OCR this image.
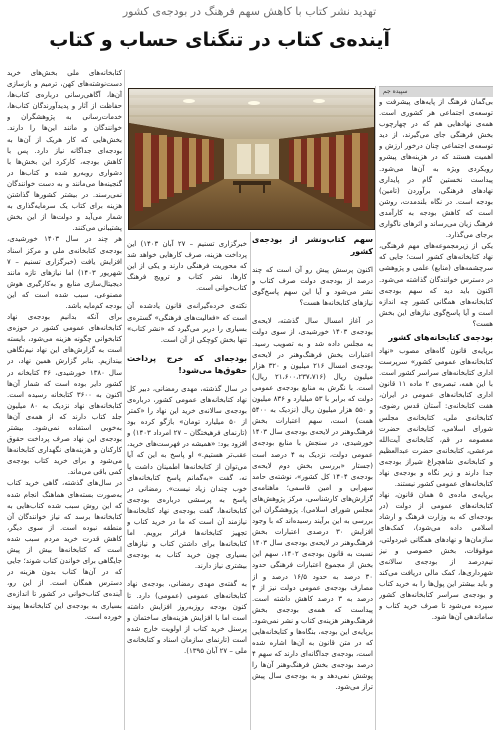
تهدید نشر کتاب با کاهش سهم فرهنگ در بودجه‌ی کشور
آینده‌ی کتاب در تنگنای حساب و کتاب
سپیده جم

بی‌گمان فرهنگ از پایه‌های پیشرفت و توسعه‌ی اجتماعی هر کشوری است. همه‌ی نهادهایی هم که در چهارچوب بخش فرهنگی جای می‌گیرند، از دید توسعه‌ی اجتماعی چنان درخور ارزش و اهمیت هستند که در هزینه‌های پیشرو رویکردی ویژه به آن‌ها می‌شود. پیداست نخستین گام در پایداری نهادهای فرهنگی، برآوردن (تامین) بودجه است. در نگاه بلندمدت، روشن است که کاهش بودجه به کارآمدی فرهنگ زیان می‌رساند و اثرهای ناگواری برجای می‌گذارد.

یکی از زیرمجموعه‌های مهم فرهنگی، نهاد کتابخانه‌های کشور است؛ جایی که سرچشمه‌های (منابع) علمی و پژوهشی در دسترس خوانندگان گذاشته می‌شود. اکنون باید دید که سهم بودجه‌ی کتابخانه‌های همگانی کشور چه اندازه است و آیا پاسخ‌گوی نیازهای این بخش هست؟

بودجه‌ی کتابخانه‌های کشور

برپایه‌ی قانون گاه‌های مصوب «نهاد کتابخانه‌های عمومی کشور» سرپرست اداری کتابخانه‌های سراسر کشور است. با این همه، تبصره‌ی ۲ ماده ۱۱ قانون اداری کتابخانه‌های عمومی در ایران، هفت کتابخانه‌ی: آستان قدس رضوی، کتابخانه‌ی ملی، کتابخانه‌ی مجلس شورای اسلامی، کتابخانه‌ی حضرت معصومه در قم، کتابخانه‌ی آیت‌الله مرعشی، کتابخانه‌ی حضرت عبدالعظیم و کتابخانه‌ی شاهچراغ شیراز بودجه‌ی جدا دارند و زیر نگاه و بودجه‌ی نهاد کتابخانه‌های عمومی کشور نیستند.

برپایه‌ی ماده‌ی ۵ همان قانون، نهاد کتابخانه‌های عمومی از دولت (در بودجه‌ای که به وزارت فرهنگ و ارشاد اسلامی داده می‌شود)، کمک‌های سازمان‌ها و نهادهای همگانی غیردولتی، موقوفات، بخش خصوصی و نیز نیم‌درصد از بودجه‌ی سالانه‌ی شهرداری‌ها، کمک مالی دریافت می‌کند و باید بیشتر این پول‌ها را به خرید کتاب و بودجه‌ی سراسر کتابخانه‌های کشور سپرده می‌شود تا صرف خرید کتاب و ساماندهی آن‌ها شود.

سهم کتاب‌ونشر از بودجه‌ی کشور

اکنون پرسش پیش رو آن است که چند درصد از بودجه‌ی دولت صرف کتاب و نشر می‌شود و آیا این سهم پاسخ‌گوی نیازهای کتابخانه‌ها هست؟

در آغاز امسال سال گذشته، لایحه‌ی بودجه‌ی ۱۴۰۳ خورشیدی، از سوی دولت به مجلس داده شد و به تصویب رسید. اعتبارات بخش فرهنگ‌وهنر در لایحه‌ی بودجه‌ی امسال ۲۱۶ میلیون و ۳۲۰ هزار میلیون ریال (۲۱،۶۰۰،۲۳۷،۷۱۶ ریال) است. با نگرش به منابع بودجه‌ی عمومی دولت که برابر با ۵۳ میلیارد و ۸۳۶ میلیون و ۵۵۰ هزار میلیون ریال (نزدیک به ۵۴۰۰ همت) است، سهم اعتبارات بخش فرهنگ‌وهنر در لایحه‌ی بودجه‌ی سال ۱۴۰۳ خورشیدی، در سنجش با منابع بودجه‌ی عمومی دولت، نزدیک به ۴ درصد است (جستار «بررسی بخش دوم لایحه‌ی بودجه‌ی ۱۴۰۴ کل کشور»، نوشته‌ی حامد سهرابی و امین قاسمی؛ ماهنامه‌ی گزارش‌های کارشناسی، مرکز پژوهش‌های مجلس شورای اسلامی). پژوهشگران این بررسی به این برآیند رسیده‌اند که با وجود افزایش ۳۰ درصدی اعتبارات بخش فرهنگ‌وهنر در لایحه‌ی بودجه‌ی سال ۱۴۰۳ نسبت به قانون بودجه‌ی ۱۴۰۲، سهم این بخش از مجموع اعتبارات فرهنگی حدود ۳۰ درصد به حدود ۱۶/۵ درصد و از مصارف بودجه‌ی عمومی دولت نیز از ۴ درصد به ۳ درصد کاهش داشته است. پیداست که همه‌ی بودجه‌ی بخش فرهنگ‌وهنر هزینه‌ی کتاب و نشر نمی‌شود. برپایه‌ی این بودجه، بنگاه‌ها و کتابخانه‌هایی که در متن قانون به آن‌ها اشاره شده است، بودجه‌ی جداگانه‌ای دارند که سهم ۴ درصد بودجه‌ی بخش فرهنگ‌وهنر آن‌ها را پوشش نمی‌دهد و به بودجه‌ی سال پیش تراز می‌شود.

خبرگزاری تسنیم – ۲۷ آبان ۱۴۰۳) این پرداخت هزینه، صرف کارهایی خواهد شد که محوریت فرهنگی دارند و یکی از این کارها، نشر کتاب و ترویج فرهنگ کتاب‌خوانی است.

نکته‌ی خرده‌گیرانه‌ی قانون یادشده آن است که «فعالیت‌های فرهنگی» گستره‌ی بسیاری را دربر می‌گیرد که «نشر کتاب» تنها بخش کوچکی از آن است.

بودجه‌ای که خرج پرداخت حقوق‌ها می‌شود!

در سال گذشته، مهدی رمضانی، دبیر کل نهاد کتابخانه‌های عمومی کشور، درباره‌ی بودجه‌ی سالانه‌ی خرید این نهاد را «کمتر از ۵۰ میلیارد تومان» بازگو کرده بود (تارنمای فرهیختگان – ۲۷ امرداد ۱۴۰۳) و افزود بود: «همیشه در فهرست‌های خرید، عقب‌تر هستیم.» او پاسخ به این که آیا می‌توان از کتابخانه‌ها اطمینان داشت یا نه، گفت «به‌گمانم پاسخ کتابخانه‌های خوب چندان زیاد نیست». رمضانی در پاسخ به پرسشی درباره‌ی بودجه‌ی کتابخانه‌ها، گفت بودجه‌ی نهاد کتابخانه‌ها نیازمند آن است که ما در خرید کتاب و تجهیز کتابخانه‌ها فراتر برویم. اما کتابخانه‌ها برای داشتن کتاب و نیازهای بسیاری چون خرید کتاب به بودجه‌ی بیشتری نیاز دارند.

به گفته‌ی مهدی رمضانی، بودجه‌ی نهاد کتابخانه‌های عمومی (عمومی) دارد. تا کنون بودجه روزبه‌روز افزایش داشته است اما با افزایش هزینه‌های ساختمان و پرسنل خرید کتاب از اولویت خارج شده است (تارنمای سازمان اسناد و کتابخانه‌ی ملی – ۲۷ آبان ۱۳۹۵).

کتابخانه‌های ملی بخش‌های خرید دست‌نوشته‌های کهن، ترمیم و بازسازی آن‌ها، آگاهی‌رسانی درباره‌ی کتاب‌ها، حفاظت از آثار و پدیدآورندگان کتاب‌ها، خدمات‌رسانی به پژوهشگران و خوانندگان و مانند این‌ها را دارند. بخش‌هایی که کار هریک از آن‌ها به بودجه‌ای جداگانه نیاز دارد. پس با کاهش بودجه، کارکرد این بخش‌ها با دشواری روبه‌رو شده و کتاب‌ها در گنجینه‌ها می‌مانند و به دست خوانندگان نمی‌رسند. در بیشتر کشورها گذاشتن هزینه برای کتاب یک سرمایه‌گذاری به شمار می‌آید و دولت‌ها از این بخش پشتیبانی می‌کنند.

هر چند در سال ۱۴۰۳ خورشیدی، بودجه‌ی کتابخانه‌ی ملی و مرکز اسناد افزایش یافت (خبرگزاری تسنیم – ۷ شهریور ۱۴۰۳) اما نیازهای تازه مانند دیجیتال‌سازی منابع و به‌کارگیری هوش مصنوعی، سبب شده است که این بودجه کم‌مایه باشد.

برای آنکه بدانیم بودجه‌ی نهاد کتابخانه‌های عمومی کشور در حوزه‌ی کتابخوانی چگونه هزینه می‌شود، بایسته است به گزارش‌های این نهاد نیم‌نگاهی بیندازیم. بنابر گزارش همین نهاد، در سال ۱۳۸۰ خورشیدی، ۳۶ کتابخانه در کشور دایر بوده است که شمار آن‌ها اکنون به ۳۶۰۰ کتابخانه رسیده است. کتابخانه‌های نهاد نزدیک به ۸۰ میلیون جلد کتاب دارند که از همه‌ی آن‌ها به‌خوبی استفاده نمی‌شود. بیشتر بودجه‌ی این نهاد صرف پرداخت حقوق کارکنان و هزینه‌های نگهداری کتابخانه‌ها می‌شود و برای خرید کتاب بودجه‌ی کمی باقی می‌ماند.

در سال‌های گذشته، گاهی خرید کتاب به‌صورت بسته‌های هماهنگ انجام شده که این روش سبب شده کتاب‌هایی به کتابخانه‌ها برسد که نیاز خوانندگان آن منطقه نبوده است. از سوی دیگر، کاهش قدرت خرید مردم سبب شده است که کتابخانه‌ها بیش از پیش جایگاهی برای خواندن کتاب شوند؛ جایی که در آن‌ها کتاب بدون هزینه در دسترس همگان است. از این رو، آینده‌ی کتاب‌خوانی در کشور تا اندازه‌ی بسیاری به بودجه‌ی این کتابخانه‌ها پیوند خورده است.
